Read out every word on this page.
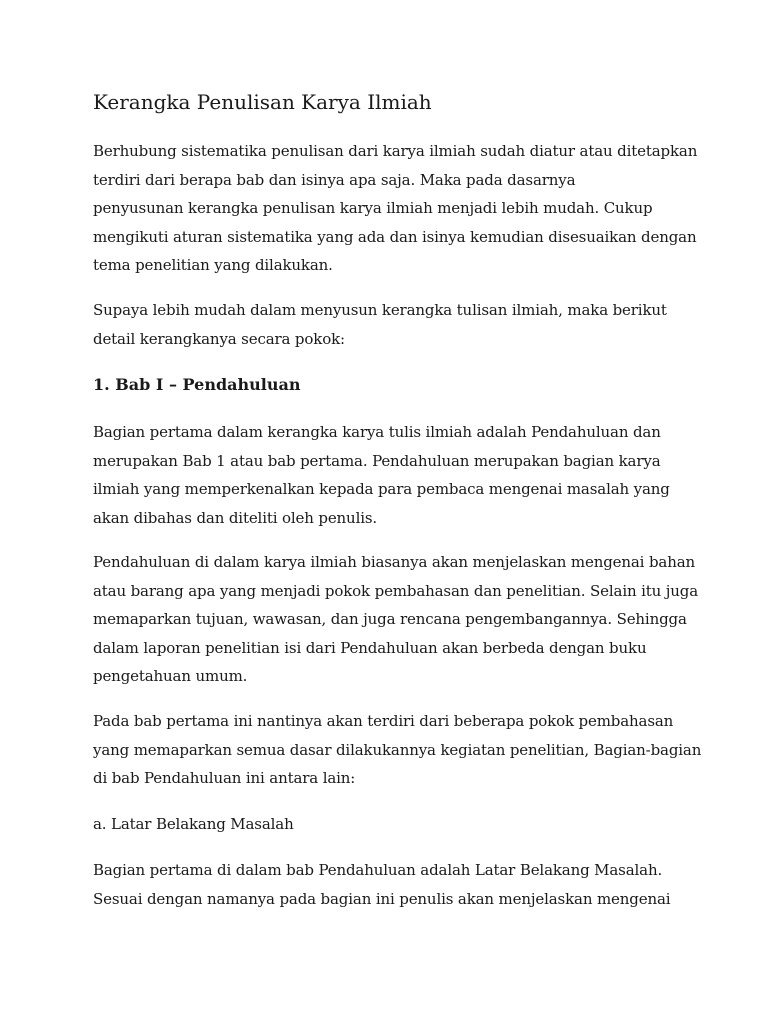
Kerangka Penulisan Karya Ilmiah
Berhubung sistematika penulisan dari karya ilmiah sudah diatur atau ditetapkan
terdiri dari berapa bab dan isinya apa saja. Maka pada dasarnya
penyusunan kerangka penulisan karya ilmiah menjadi lebih mudah. Cukup
mengikuti aturan sistematika yang ada dan isinya kemudian disesuaikan dengan
tema penelitian yang dilakukan.
Supaya lebih mudah dalam menyusun kerangka tulisan ilmiah, maka berikut
detail kerangkanya secara pokok:
1. Bab I – Pendahuluan
Bagian pertama dalam kerangka karya tulis ilmiah adalah Pendahuluan dan
merupakan Bab 1 atau bab pertama. Pendahuluan merupakan bagian karya
ilmiah yang memperkenalkan kepada para pembaca mengenai masalah yang
akan dibahas dan diteliti oleh penulis.
Pendahuluan di dalam karya ilmiah biasanya akan menjelaskan mengenai bahan
atau barang apa yang menjadi pokok pembahasan dan penelitian. Selain itu juga
memaparkan tujuan, wawasan, dan juga rencana pengembangannya. Sehingga
dalam laporan penelitian isi dari Pendahuluan akan berbeda dengan buku
pengetahuan umum.
Pada bab pertama ini nantinya akan terdiri dari beberapa pokok pembahasan
yang memaparkan semua dasar dilakukannya kegiatan penelitian, Bagian-bagian
di bab Pendahuluan ini antara lain:
a. Latar Belakang Masalah
Bagian pertama di dalam bab Pendahuluan adalah Latar Belakang Masalah.
Sesuai dengan namanya pada bagian ini penulis akan menjelaskan mengenai
